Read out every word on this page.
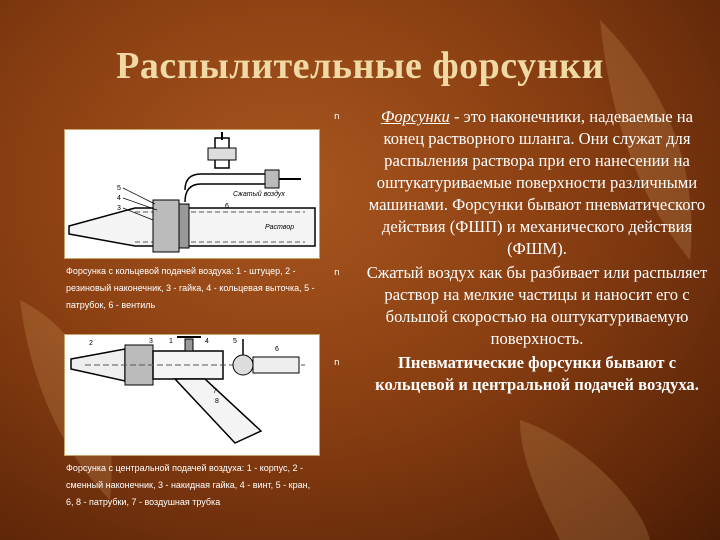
Распылительные форсунки
Сжатый воздух
Раствор
5
4
3	6
Форсунка с кольцевой подачей воздуха: 1 - штуцер, 2 - резиновый наконечник, 3 - гайка, 4 - кольцевая выточка, 5 - патрубок, 6 - вентиль
2	3 1	4	5
6
7
8
Форсунка с центральной подачей воздуха: 1 - корпус, 2 - сменный наконечник, 3 - накидная гайка, 4 - винт, 5 - кран, 6, 8 - патрубки, 7 - воздушная трубка
n	Форсунки - это наконечники, надеваемые на конец растворного шланга. Они служат для распыления раствора при его нанесении на оштукатуриваемые поверхности различными машинами. Форсунки бывают пневматического действия (ФШП) и механического действия (ФШМ).

n	Сжатый воздух как бы разбивает или распыляет раствор на мелкие частицы и наносит его с большой скоростью на оштукатуриваемую поверхность.

n	Пневматические форсунки бывают с кольцевой и центральной подачей воздуха.
